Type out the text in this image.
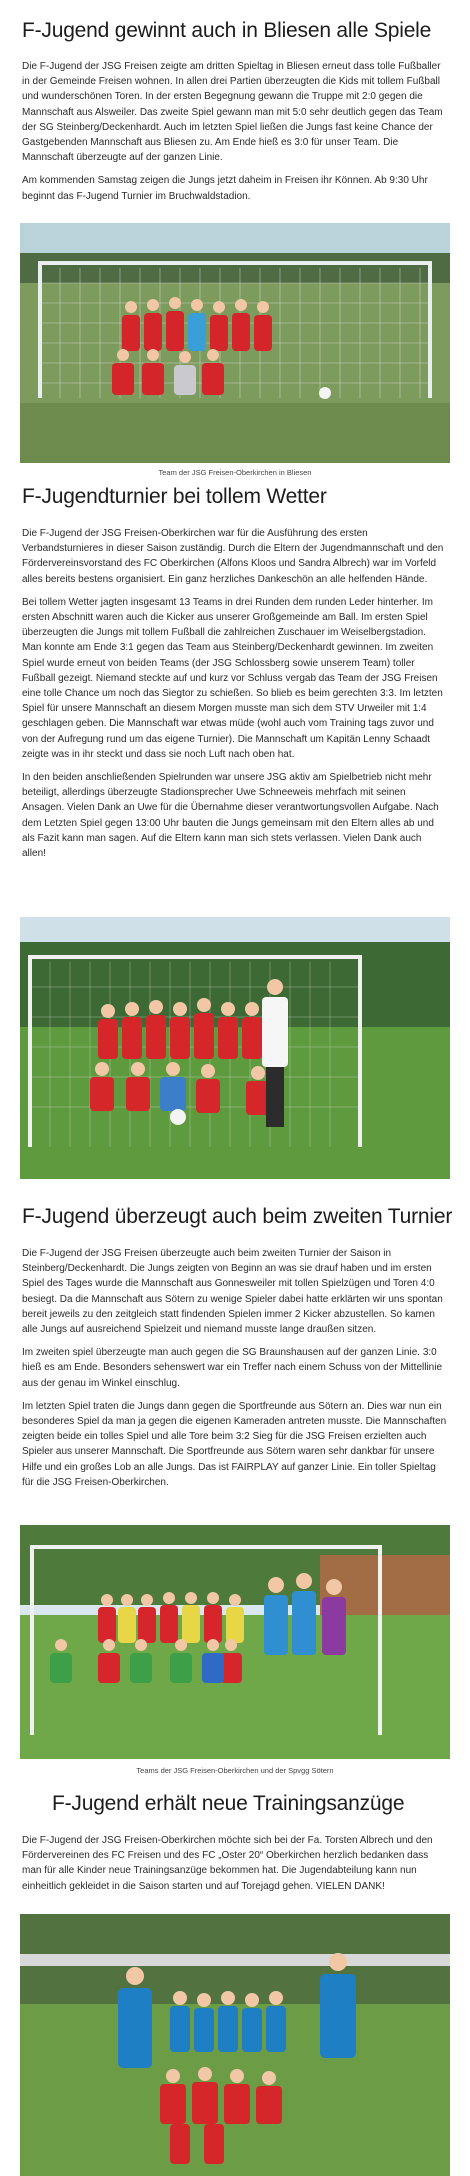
F-Jugend gewinnt auch in Bliesen alle Spiele

Die F-Jugend der JSG Freisen zeigte am dritten Spieltag in Bliesen erneut dass tolle Fußballer in der Gemeinde Freisen wohnen. In allen drei Partien überzeugten die Kids mit tollem Fußball und wunderschönen Toren. In der ersten Begegnung gewann die Truppe mit 2:0 gegen die Mannschaft aus Alsweiler. Das zweite Spiel gewann man mit 5:0 sehr deutlich gegen das Team der SG Steinberg/Deckenhardt. Auch im letzten Spiel ließen die Jungs fast keine Chance der Gastgebenden Mannschaft aus Bliesen zu. Am Ende hieß es 3:0 für unser Team. Die Mannschaft überzeugte auf der ganzen Linie.

Am kommenden Samstag zeigen die Jungs jetzt daheim in Freisen ihr Können. Ab 9:30 Uhr beginnt das F-Jugend Turnier im Bruchwaldstadion.

Team der JSG Freisen-Oberkirchen in Bliesen
F-Jugendturnier bei tollem Wetter

Die F-Jugend der JSG Freisen-Oberkirchen war für die Ausführung des ersten Verbandsturnieres in dieser Saison zuständig. Durch die Eltern der Jugendmannschaft und den Fördervereinsvorstand des FC Oberkirchen (Alfons Kloos und Sandra Albrech) war im Vorfeld alles bereits bestens organisiert. Ein ganz herzliches Dankeschön an alle helfenden Hände.

Bei tollem Wetter jagten insgesamt 13 Teams in drei Runden dem runden Leder hinterher. Im ersten Abschnitt waren auch die Kicker aus unserer Großgemeinde am Ball. Im ersten Spiel überzeugten die Jungs mit tollem Fußball die zahlreichen Zuschauer im Weiselbergstadion. Man konnte am Ende 3:1 gegen das Team aus Steinberg/Deckenhardt gewinnen. Im zweiten Spiel wurde erneut von beiden Teams (der JSG Schlossberg sowie unserem Team) toller Fußball gezeigt. Niemand steckte auf und kurz vor Schluss vergab das Team der JSG Freisen eine tolle Chance um noch das Siegtor zu schießen. So blieb es beim gerechten 3:3. Im letzten Spiel für unsere Mannschaft an diesem Morgen musste man sich dem STV Urweiler mit 1:4 geschlagen geben. Die Mannschaft war etwas müde (wohl auch vom Training tags zuvor und von der Aufregung rund um das eigene Turnier). Die Mannschaft um Kapitän Lenny Schaadt zeigte was in ihr steckt und dass sie noch Luft nach oben hat.

In den beiden anschließenden Spielrunden war unsere JSG aktiv am Spielbetrieb nicht mehr beteiligt, allerdings überzeugte Stadionsprecher Uwe Schneeweis mehrfach mit seinen Ansagen. Vielen Dank an Uwe für die Übernahme dieser verantwortungsvollen Aufgabe. Nach dem Letzten Spiel gegen 13:00 Uhr bauten die Jungs gemeinsam mit den Eltern alles ab und als Fazit kann man sagen. Auf die Eltern kann man sich stets verlassen. Vielen Dank auch allen!

F-Jugend überzeugt auch beim zweiten Turnier

Die F-Jugend der JSG Freisen überzeugte auch beim zweiten Turnier der Saison in Steinberg/Deckenhardt. Die Jungs zeigten von Beginn an was sie drauf haben und im ersten Spiel des Tages wurde die Mannschaft aus Gonnesweiler mit tollen Spielzügen und Toren 4:0 besiegt. Da die Mannschaft aus Sötern zu wenige Spieler dabei hatte erklärten wir uns spontan bereit jeweils zu den zeitgleich statt findenden Spielen immer 2 Kicker abzustellen. So kamen alle Jungs auf ausreichend Spielzeit und niemand musste lange draußen sitzen.

Im zweiten spiel überzeugte man auch gegen die SG Braunshausen auf der ganzen Linie. 3:0 hieß es am Ende. Besonders sehenswert war ein Treffer nach einem Schuss von der Mittellinie aus der genau im Winkel einschlug.

Im letzten Spiel traten die Jungs dann gegen die Sportfreunde aus Sötern an. Dies war nun ein besonderes Spiel da man ja gegen die eigenen Kameraden antreten musste. Die Mannschaften zeigten beide ein tolles Spiel und alle Tore beim 3:2 Sieg für die JSG Freisen erzielten auch Spieler aus unserer Mannschaft. Die Sportfreunde aus Sötern waren sehr dankbar für unsere Hilfe und ein großes Lob an alle Jungs. Das ist FAIRPLAY auf ganzer Linie. Ein toller Spieltag für die JSG Freisen-Oberkirchen.

Teams der JSG Freisen-Oberkirchen und der Spvgg Sötern
F-Jugend erhält neue Trainingsanzüge

Die F-Jugend der JSG Freisen-Oberkirchen möchte sich bei der Fa. Torsten Albrech und den Fördervereinen des FC Freisen und des FC „Oster 20“ Oberkirchen herzlich bedanken dass man für alle Kinder neue Trainingsanzüge bekommen hat. Die Jugendabteilung kann nun einheitlich gekleidet in die Saison starten und auf Torejagd gehen. VIELEN DANK!
